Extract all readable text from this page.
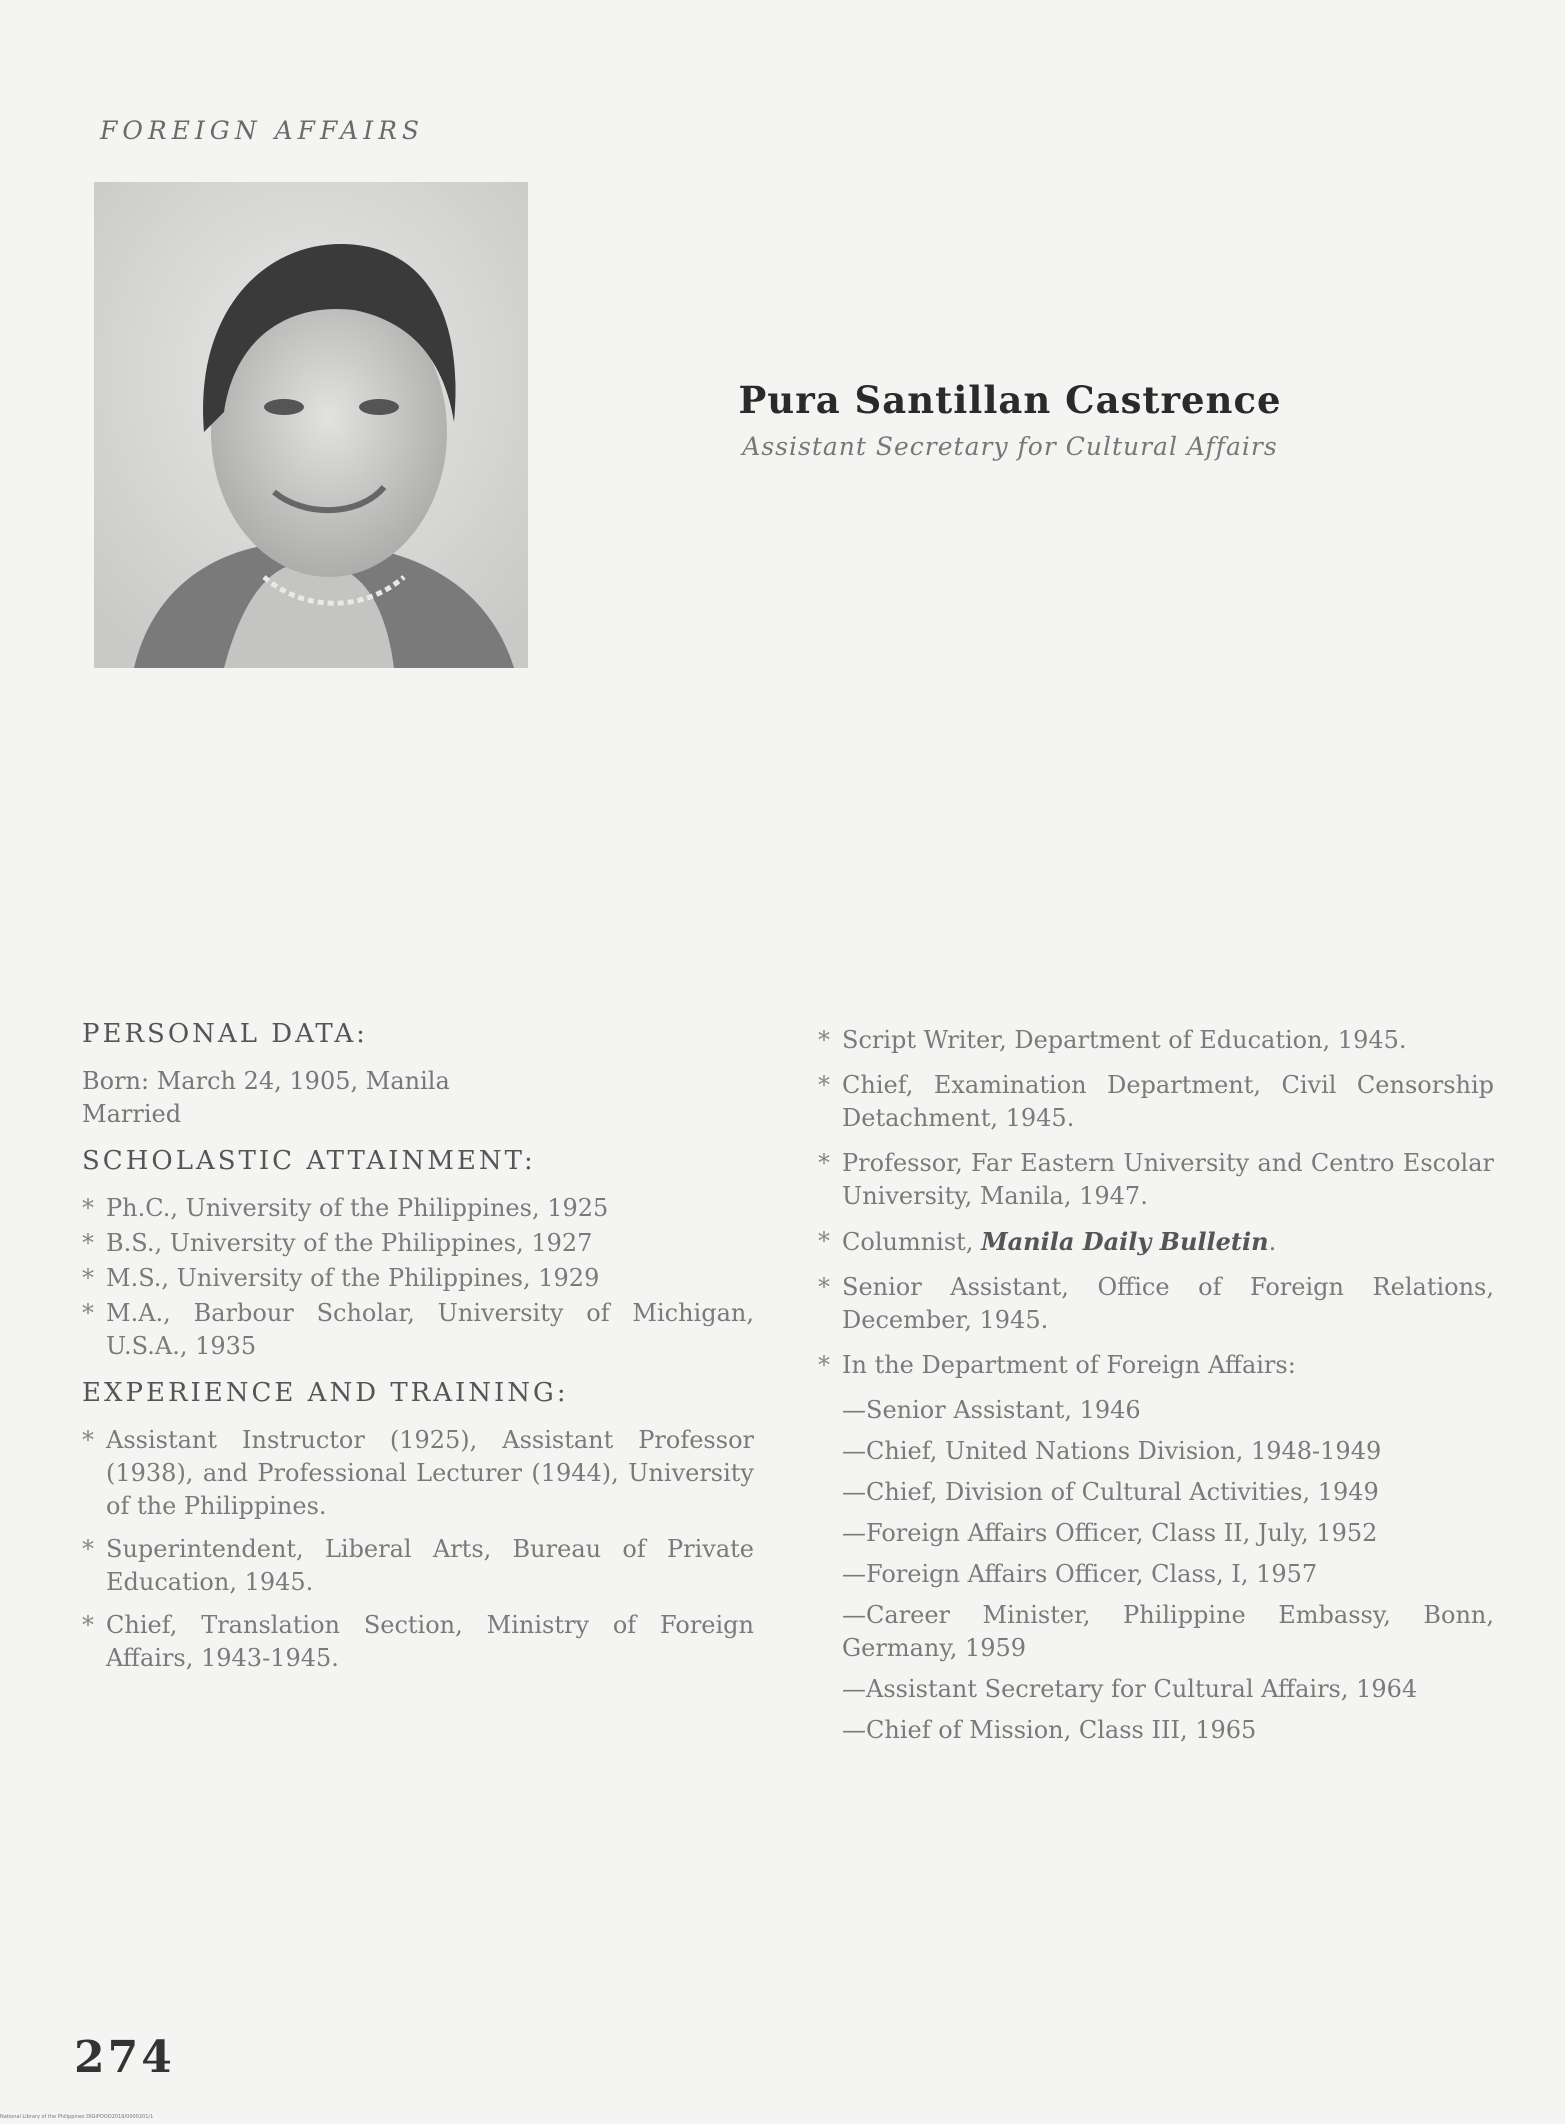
FOREIGN AFFAIRS
Pura Santillan Castrence
Assistant Secretary for Cultural Affairs
PERSONAL DATA:

Born: March 24, 1905, Manila

Married

SCHOLASTIC ATTAINMENT:
* Ph.C., University of the Philippines, 1925
* B.S., University of the Philippines, 1927
* M.S., University of the Philippines, 1929
* M.A., Barbour Scholar, University of Michigan, U.S.A., 1935
EXPERIENCE AND TRAINING:
* Assistant Instructor (1925), Assistant Professor (1938), and Professional Lecturer (1944), University of the Philippines.
* Superintendent, Liberal Arts, Bureau of Private Education, 1945.
* Chief, Translation Section, Ministry of Foreign Affairs, 1943-1945.
* Script Writer, Department of Education, 1945.
* Chief, Examination Department, Civil Censorship Detachment, 1945.
* Professor, Far Eastern University and Centro Escolar University, Manila, 1947.
* Columnist, Manila Daily Bulletin.
* Senior Assistant, Office of Foreign Relations, December, 1945.
* In the Department of Foreign Affairs:
—Senior Assistant, 1946
—Chief, United Nations Division, 1948-1949
—Chief, Division of Cultural Activities, 1949
—Foreign Affairs Officer, Class II, July, 1952
—Foreign Affairs Officer, Class, I, 1957
—Career Minister, Philippine Embassy, Bonn, Germany, 1959
—Assistant Secretary for Cultural Affairs, 1964
—Chief of Mission, Class III, 1965
274
National Library of the Philippines DIGIPOOO2019/0000201/1
